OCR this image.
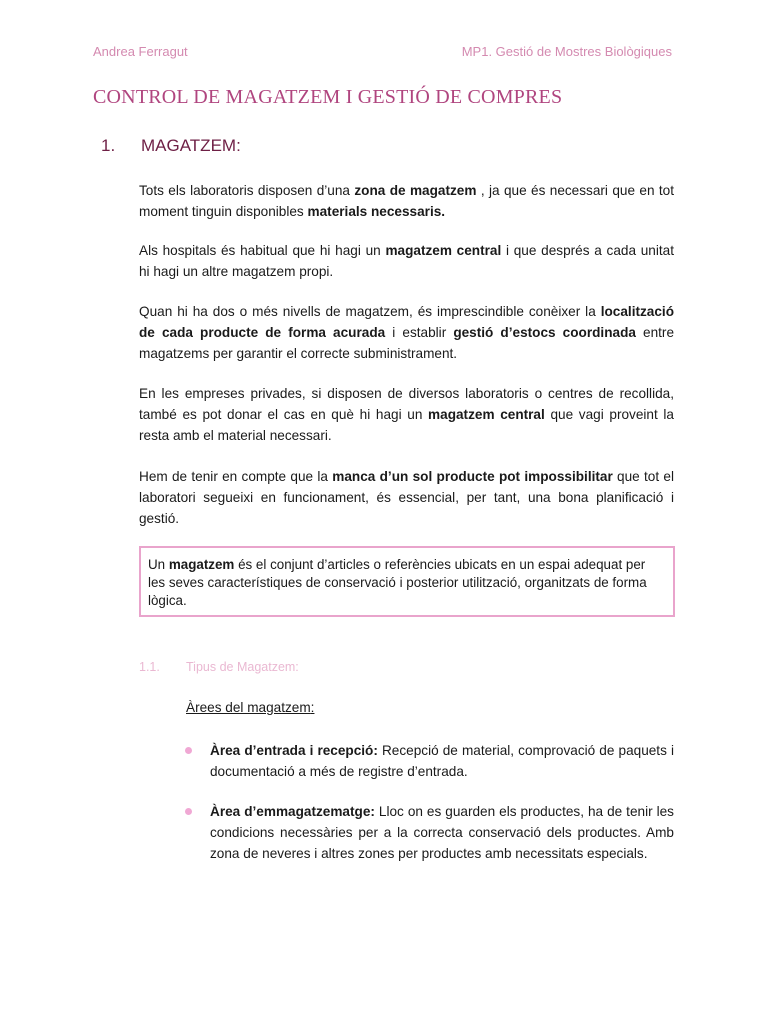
Andrea Ferragut	MP1. Gestió de Mostres Biològiques
CONTROL DE MAGATZEM I GESTIÓ DE COMPRES
1. MAGATZEM:

Tots els laboratoris disposen d’una zona de magatzem , ja que és necessari que en tot moment tinguin disponibles materials necessaris.

Als hospitals és habitual que hi hagi un magatzem central i que després a cada unitat hi hagi un altre magatzem propi.

Quan hi ha dos o més nivells de magatzem, és imprescindible conèixer la localització de cada producte de forma acurada i establir gestió d’estocs coordinada entre magatzems per garantir el correcte subministrament.

En les empreses privades, si disposen de diversos laboratoris o centres de recollida, també es pot donar el cas en què hi hagi un magatzem central que vagi proveint la resta amb el material necessari.

Hem de tenir en compte que la manca d’un sol producte pot impossibilitar que tot el laboratori segueixi en funcionament, és essencial, per tant, una bona planificació i gestió.

Un magatzem és el conjunt d’articles o referències ubicats en un espai adequat per les seves característiques de conservació i posterior utilització, organitzats de forma lògica.

1.1. Tipus de Magatzem:
Àrees del magatzem:

Àrea d’entrada i recepció: Recepció de material, comprovació de paquets i documentació a més de registre d’entrada.

Àrea d’emmagatzematge: Lloc on es guarden els productes, ha de tenir les condicions necessàries per a la correcta conservació dels productes. Amb zona de neveres i altres zones per productes amb necessitats especials.
